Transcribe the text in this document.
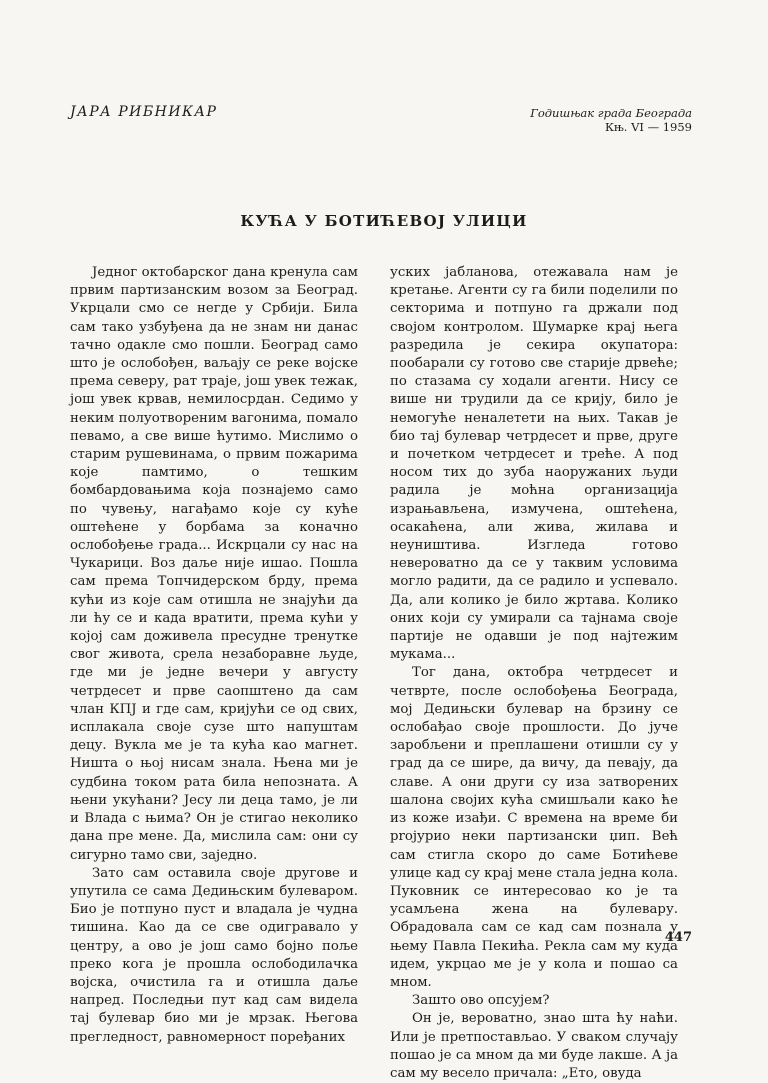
ЈАРА РИБНИКАР	Годишњак града Београда
Књ. VI — 1959
КУЋА У БОТИЋЕВОЈ УЛИЦИ

Једног октобарског дана кренула сам првим партизанским возом за Београд. Укрцали смо се негде у Србији. Била сам тако узбуђена да не знам ни данас тачно одакле смо пошли. Београд само што је ослобођен, ваљају се реке војске према северу, рат траје, још увек тежак, још увек крвав, немилосрдан. Седимо у неким полуотвореним вагонима, помало певамо, а све више ћутимо. Мислимо о старим рушевинама, о првим пожарима које памтимо, о тешким бомбардовањима која познајемо само по чувењу, нагађамо које су куће оштећене у борбама за коначно ослобођење града... Искрцали су нас на Чукарици. Воз даље није ишао. Пошла сам према Топчидерском брду, према кући из које сам отишла не знајући да ли ћу се и када вратити, према кући у којој сам доживела пресудне тренутке свог живота, срела незаборавне људе, где ми је једне вечери у августу четрдесет и прве саопштено да сам члан КПЈ и где сам, кријући се од свих, исплакала своје сузе што напуштам децу. Вукла ме је та кућа као магнет. Ништа о њој нисам знала. Њена ми је судбина током рата била непозната. А њени укућани? Јесу ли деца тамо, је ли и Влада с њима? Он је стигао неколико дана пре мене. Да, мислила сам: они су сигурно тамо сви, заједно.

Зато сам оставила своје другове и упутила се сама Дедињским булеваром. Био је потпуно пуст и владала је чудна тишина. Као да се све одигравало у центру, а ово је још само бојно поље преко кога је прошла ослободилачка војска, очистила га и отишла даље напред. Последњи пут кад сам видела тај булевар био ми је мрзак. Његова прегледност, равномерност поређаних

уских јабланова, отежавала нам је кретање. Агенти су га били поделили по секторима и потпуно га држали под својом контролом. Шумарке крај њега разредила је секира окупатора: пообарали су готово све старије дрвеће; по стазама су ходали агенти. Нису се више ни трудили да се крију, било је немогуће неналетети на њих. Такав је био тај булевар четрдесет и прве, друге и почетком четрдесет и треће. А под носом тих до зуба наоружаних људи радила је моћна организација израњављена, измучена, оштећена, осакаћена, али жива, жилава и неуништива. Изгледа готово невероватно да се у таквим условима могло радити, да се радило и успевало. Да, али колико је било жртава. Колико оних који су умирали са тајнама своје партије не одавши је под најтежим мукама...

Тог дана, октобра четрдесет и четврте, после ослобођења Београда, мој Дедињски булевар на брзину се ослобађао своје прошлости. До јуче заробљени и преплашени отишли су у град да се шире, да вичу, да певају, да славе. А они други су иза затворених шалона својих кућа смишљали како ће из коже изађи. С времена на време би projурио неки партизански џип. Већ сам стигла скоро до саме Ботићеве улице кад су крај мене стала једна кола. Пуковник се интересовао ко је та усамљена жена на булевару. Обрадовала сам се кад сам познала у њему Павла Пекића. Рекла сам му куда идем, укрцао ме је у кола и пошао са мном.

Зашто ово опсујем?

Он је, вероватно, знао шта ћу наћи. Или је претпостављао. У сваком случају пошао је са мном да ми буде лакше. А ја сам му весело причала: „Ето, овуда

447
